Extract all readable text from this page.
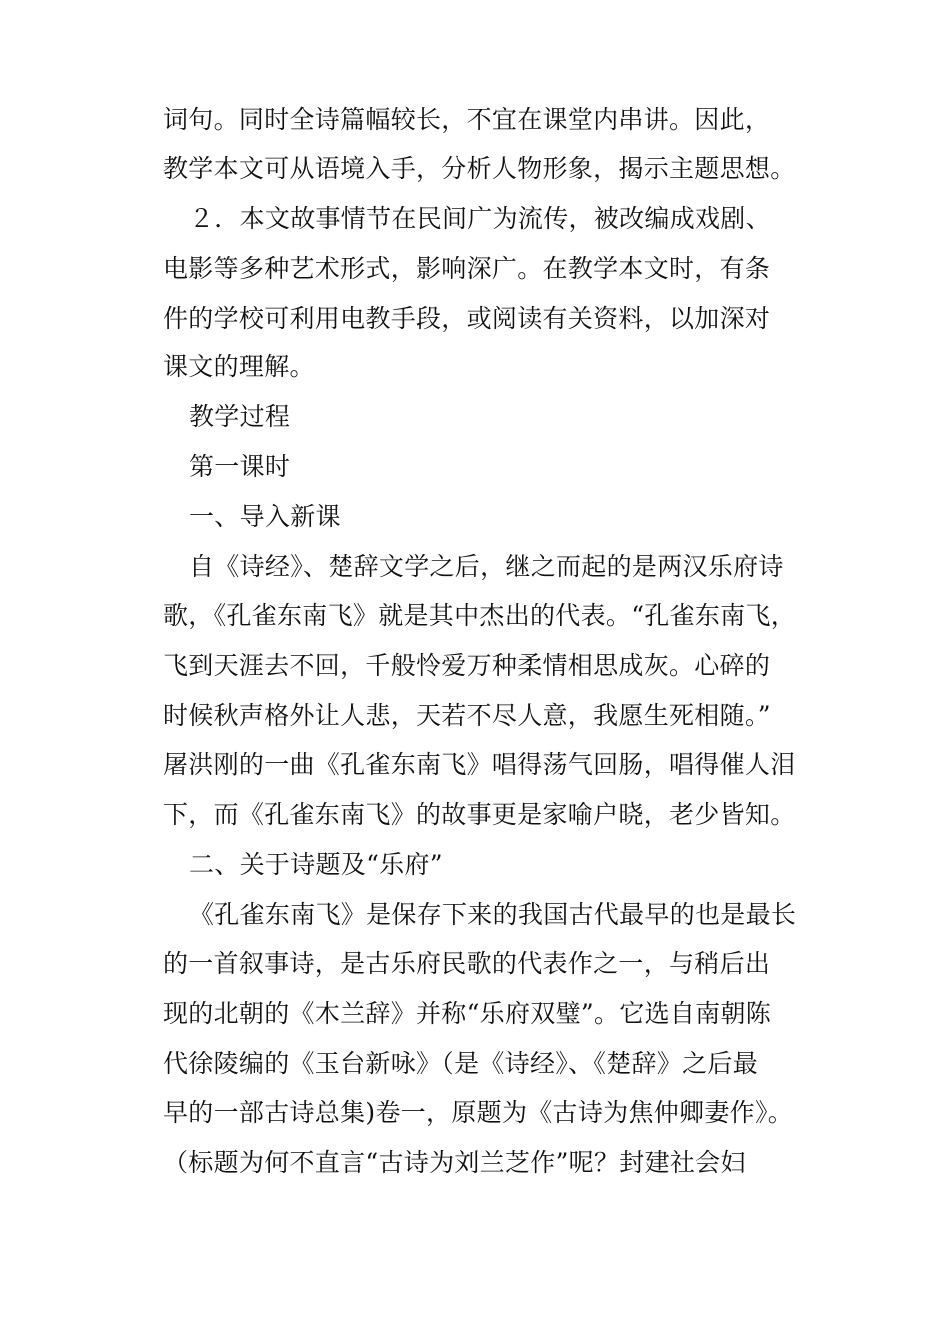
词句。同时全诗篇幅较长，不宜在课堂内串讲。因此，
教学本文可从语境入手，分析人物形象，揭示主题思想。
２．本文故事情节在民间广为流传，被改编成戏剧、
电影等多种艺术形式，影响深广。在教学本文时，有条
件的学校可利用电教手段，或阅读有关资料，以加深对
课文的理解。
教学过程
第一课时
一、导入新课
自《诗经》、楚辞文学之后，继之而起的是两汉乐府诗
歌，《孔雀东南飞》就是其中杰出的代表。“孔雀东南飞，
飞到天涯去不回，千般怜爱万种柔情相思成灰。心碎的
时候秋声格外让人悲，天若不尽人意，我愿生死相随。”
屠洪刚的一曲《孔雀东南飞》唱得荡气回肠，唱得催人泪
下，而《孔雀东南飞》的故事更是家喻户晓，老少皆知。
二、关于诗题及“乐府”
《孔雀东南飞》是保存下来的我国古代最早的也是最长
的一首叙事诗，是古乐府民歌的代表作之一，与稍后出
现的北朝的《木兰辞》并称“乐府双璧”。它选自南朝陈
代徐陵编的《玉台新咏》（是《诗经》、《楚辞》之后最
早的一部古诗总集)卷一，原题为《古诗为焦仲卿妻作》。
（标题为何不直言“古诗为刘兰芝作”呢？封建社会妇
